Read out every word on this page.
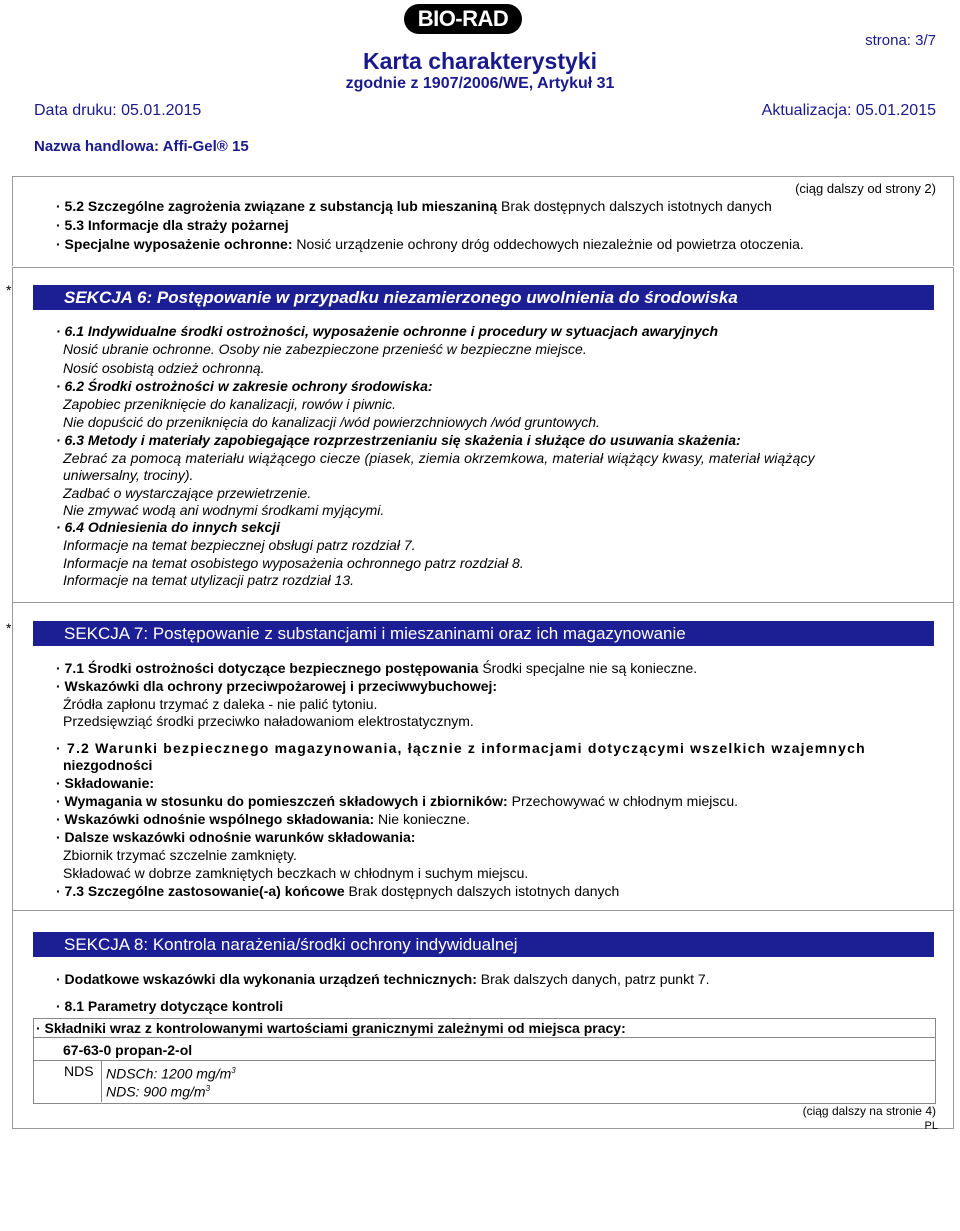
BIO-RAD
strona: 3/7
Karta charakterystyki
zgodnie z 1907/2006/WE, Artykuł 31
Data druku: 05.01.2015	Aktualizacja: 05.01.2015
Nazwa handlowa: Affi-Gel® 15
(ciąg dalszy od strony 2)
· 5.2 Szczególne zagrożenia związane z substancją lub mieszaniną Brak dostępnych dalszych istotnych danych
· 5.3 Informacje dla straży pożarnej
· Specjalne wyposażenie ochronne: Nosić urządzenie ochrony dróg oddechowych niezależnie od powietrza otoczenia.
*	SEKCJA 6: Postępowanie w przypadku niezamierzonego uwolnienia do środowiska
· 6.1 Indywidualne środki ostrożności, wyposażenie ochronne i procedury w sytuacjach awaryjnych
Nosić ubranie ochronne. Osoby nie zabezpieczone przenieść w bezpieczne miejsce.
Nosić osobistą odzież ochronną.
· 6.2 Środki ostrożności w zakresie ochrony środowiska:
Zapobiec przeniknięcie do kanalizacji, rowów i piwnic.
Nie dopuścić do przeniknięcia do kanalizacji /wód powierzchniowych /wód gruntowych.
· 6.3 Metody i materiały zapobiegające rozprzestrzenianiu się skażenia i służące do usuwania skażenia:
Zebrać za pomocą materiału wiążącego ciecze (piasek, ziemia okrzemkowa, materiał wiążący kwasy, materiał wiążący
uniwersalny, trociny).
Zadbać o wystarczające przewietrzenie.
Nie zmywać wodą ani wodnymi środkami myjącymi.
· 6.4 Odniesienia do innych sekcji
Informacje na temat bezpiecznej obsługi patrz rozdział 7.
Informacje na temat osobistego wyposażenia ochronnego patrz rozdział 8.
Informacje na temat utylizacji patrz rozdział 13.
*	SEKCJA 7: Postępowanie z substancjami i mieszaninami oraz ich magazynowanie
· 7.1 Środki ostrożności dotyczące bezpiecznego postępowania Środki specjalne nie są konieczne.
· Wskazówki dla ochrony przeciwpożarowej i przeciwwybuchowej:
Źródła zapłonu trzymać z daleka - nie palić tytoniu.
Przedsięwziąć środki przeciwko naładowaniom elektrostatycznym.
· 7.2 Warunki bezpiecznego magazynowania, łącznie z informacjami dotyczącymi wszelkich wzajemnych
niezgodności
· Składowanie:
· Wymagania w stosunku do pomieszczeń składowych i zbiorników: Przechowywać w chłodnym miejscu.
· Wskazówki odnośnie wspólnego składowania: Nie konieczne.
· Dalsze wskazówki odnośnie warunków składowania:
Zbiornik trzymać szczelnie zamknięty.
Składować w dobrze zamkniętych beczkach w chłodnym i suchym miejscu.
· 7.3 Szczególne zastosowanie(-a) końcowe Brak dostępnych dalszych istotnych danych
SEKCJA 8: Kontrola narażenia/środki ochrony indywidualnej
· Dodatkowe wskazówki dla wykonania urządzeń technicznych: Brak dalszych danych, patrz punkt 7.
· 8.1 Parametry dotyczące kontroli
· Składniki wraz z kontrolowanymi wartościami granicznymi zależnymi od miejsca pracy:
67-63-0 propan-2-ol
NDS NDSCh: 1200 $mg/m^3$
NDS: 900 $mg/m^3$
(ciąg dalszy na stronie 4)
PL
